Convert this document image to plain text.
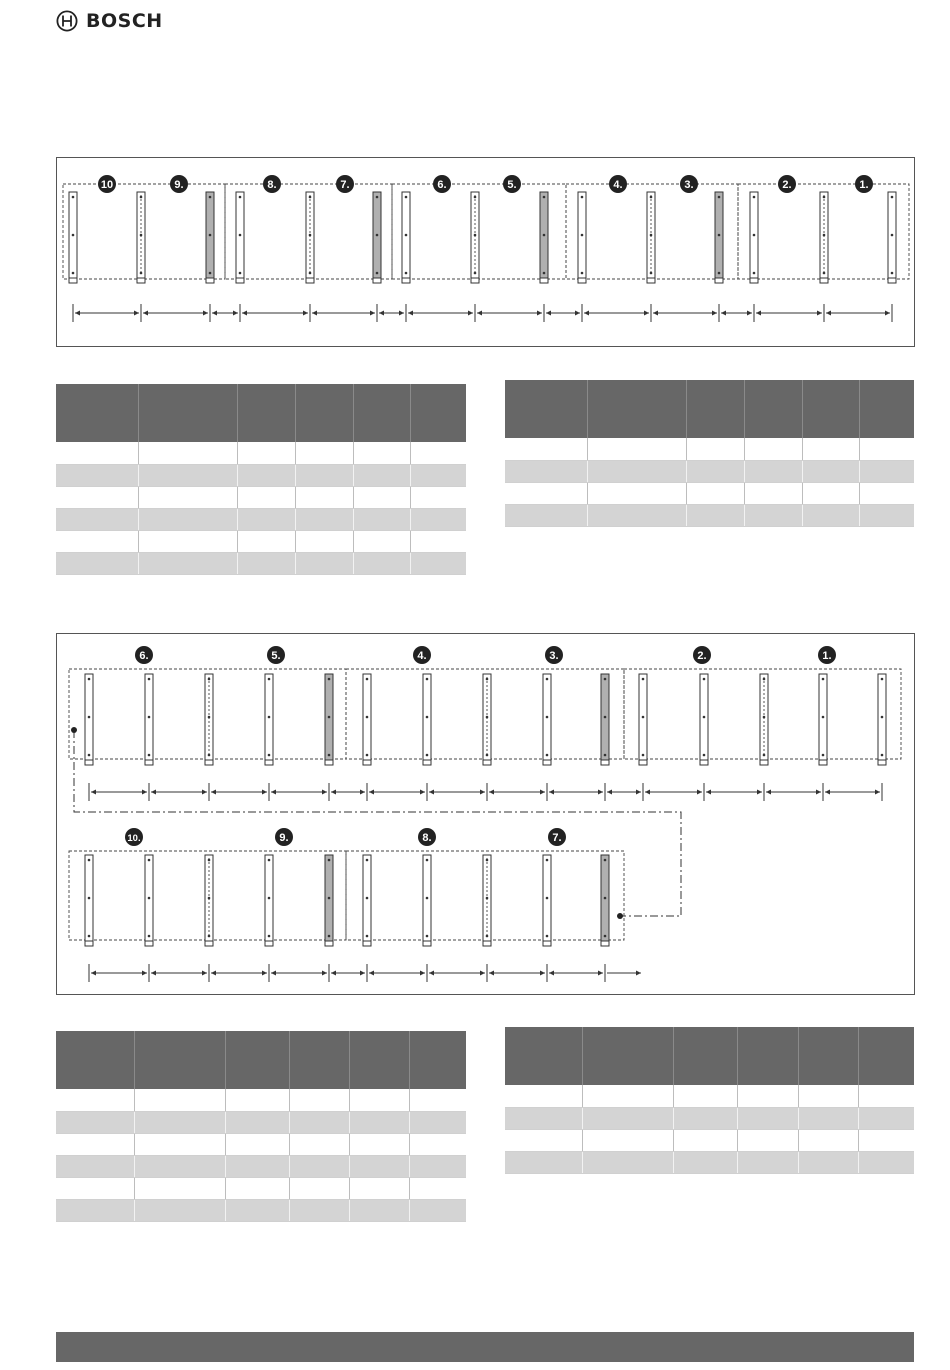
BOSCH
10	9.	8.	7.	6.	5.	4.	3.	2.	1.

6.	5.	4.	3.	2.	1.
10.	9.	8.	7.
